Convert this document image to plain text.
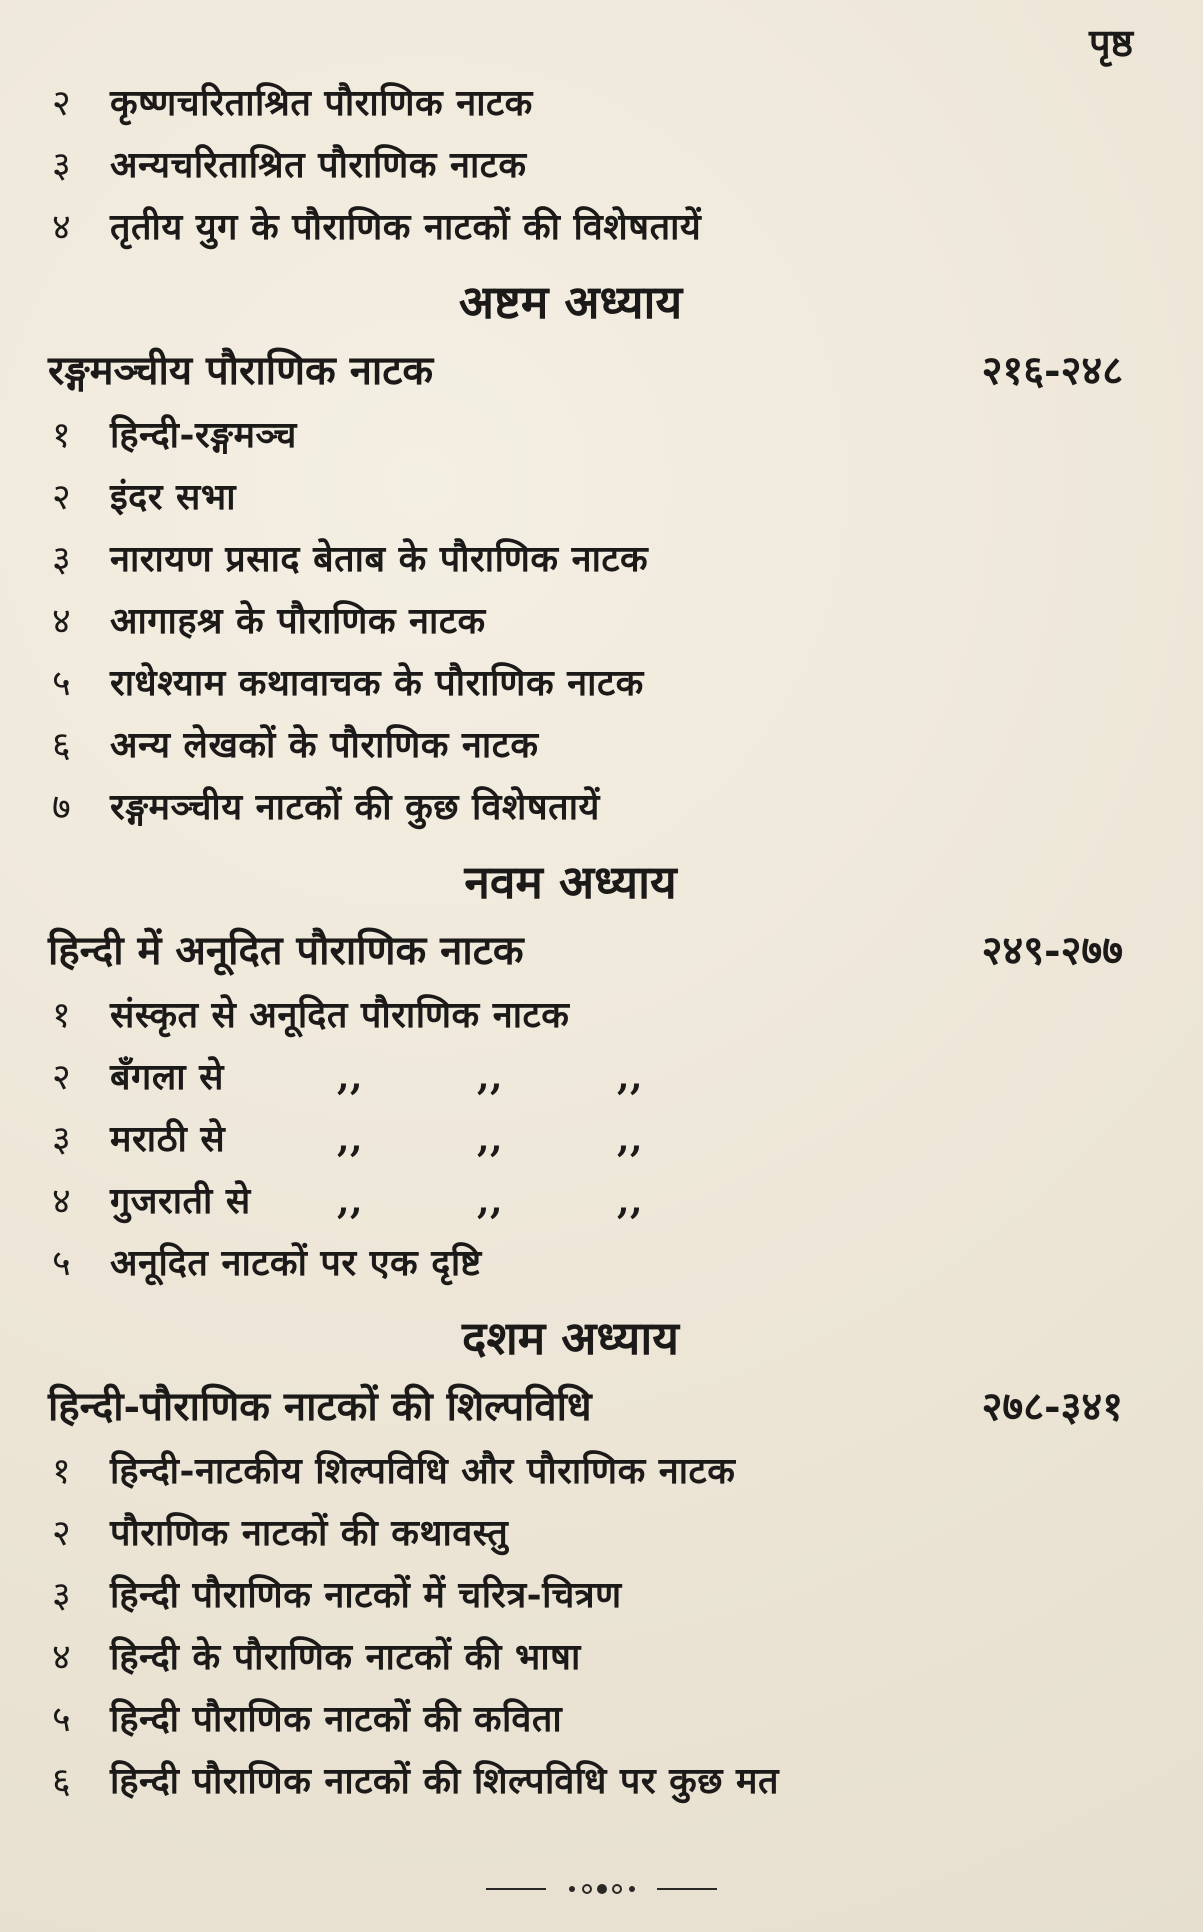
पृष्ठ
२	कृष्णचरिताश्रित पौराणिक नाटक
३	अन्यचरिताश्रित पौराणिक नाटक
४	तृतीय युग के पौराणिक नाटकों की विशेषतायें
अष्टम अध्याय
रङ्गमञ्चीय पौराणिक नाटक	२१६-२४८
१	हिन्दी-रङ्गमञ्च
२	इंदर सभा
३	नारायण प्रसाद बेताब के पौराणिक नाटक
४	आगाहश्र के पौराणिक नाटक
५	राधेश्याम कथावाचक के पौराणिक नाटक
६	अन्य लेखकों के पौराणिक नाटक
७	रङ्गमञ्चीय नाटकों की कुछ विशेषतायें
नवम अध्याय
हिन्दी में अनूदित पौराणिक नाटक	२४९-२७७
१	संस्कृत से अनूदित पौराणिक नाटक
२	बँगला से	,,	,,	,,
३	मराठी से	,,	,,	,,
४	गुजराती से	,,	,,	,,
५	अनूदित नाटकों पर एक दृष्टि
दशम अध्याय
हिन्दी-पौराणिक नाटकों की शिल्पविधि	२७८-३४१
१	हिन्दी-नाटकीय शिल्पविधि और पौराणिक नाटक
२	पौराणिक नाटकों की कथावस्तु
३	हिन्दी पौराणिक नाटकों में चरित्र-चित्रण
४	हिन्दी के पौराणिक नाटकों की भाषा
५	हिन्दी पौराणिक नाटकों की कविता
६	हिन्दी पौराणिक नाटकों की शिल्पविधि पर कुछ मत
